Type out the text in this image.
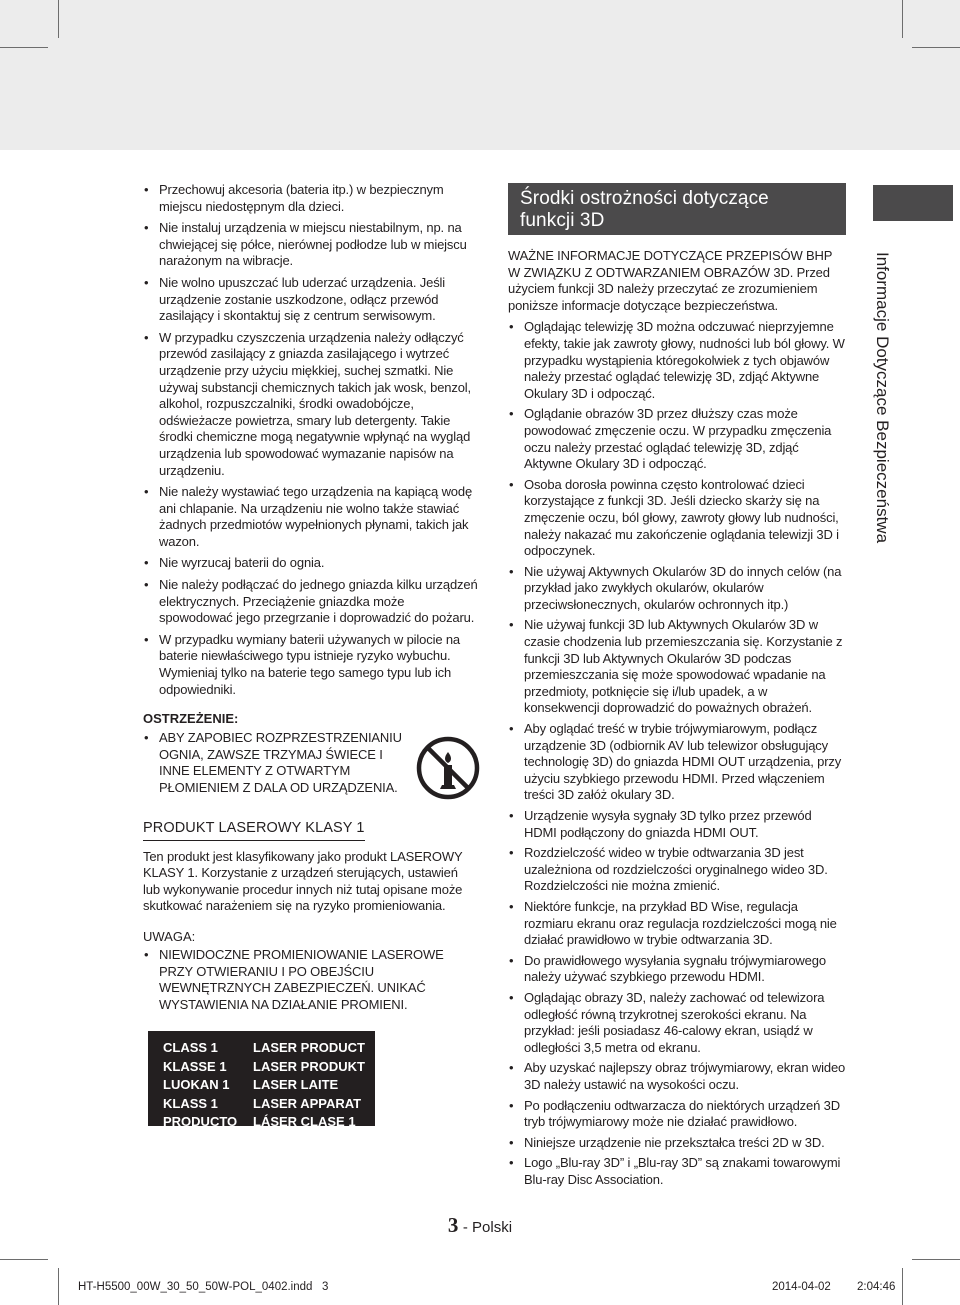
• Przechowuj akcesoria (bateria itp.) w bezpiecznym miejscu niedostępnym dla dzieci.
• Nie instaluj urządzenia w miejscu niestabilnym, np. na chwiejącej się półce, nierównej podłodze lub w miejscu narażonym na wibracje.
• Nie wolno upuszczać lub uderzać urządzenia. Jeśli urządzenie zostanie uszkodzone, odłącz przewód zasilający i skontaktuj się z centrum serwisowym.
• W przypadku czyszczenia urządzenia należy odłączyć przewód zasilający z gniazda zasilającego i wytrzeć urządzenie przy użyciu miękkiej, suchej szmatki. Nie używaj substancji chemicznych takich jak wosk, benzol, alkohol, rozpuszczalniki, środki owadobójcze, odświeżacze powietrza, smary lub detergenty. Takie środki chemiczne mogą negatywnie wpłynąć na wygląd urządzenia lub spowodować wymazanie napisów na urządzeniu.
• Nie należy wystawiać tego urządzenia na kapiącą wodę ani chlapanie. Na urządzeniu nie wolno także stawiać żadnych przedmiotów wypełnionych płynami, takich jak wazon.
• Nie wyrzucaj baterii do ognia.
• Nie należy podłączać do jednego gniazda kilku urządzeń elektrycznych. Przeciążenie gniazdka może spowodować jego przegrzanie i doprowadzić do pożaru.
• W przypadku wymiany baterii używanych w pilocie na baterie niewłaściwego typu istnieje ryzyko wybuchu. Wymieniaj tylko na baterie tego samego typu lub ich odpowiedniki.
OSTRZEŻENIE:
• ABY ZAPOBIEC ROZPRZESTRZENIANIU OGNIA, ZAWSZE TRZYMAJ ŚWIECE I INNE ELEMENTY Z OTWARTYM PŁOMIENIEM Z DALA OD URZĄDZENIA.
PRODUKT LASEROWY KLASY 1
Ten produkt jest klasyfikowany jako produkt LASEROWY KLASY 1. Korzystanie z urządzeń sterujących, ustawień lub wykonywanie procedur innych niż tutaj opisane może skutkować narażeniem się na ryzyko promieniowania.
UWAGA:
• NIEWIDOCZNE PROMIENIOWANIE LASEROWE PRZY OTWIERANIU I PO OBEJŚCIU WEWNĘTRZNYCH ZABEZPIECZEŃ. UNIKAĆ WYSTAWIENIA NA DZIAŁANIE PROMIENI.
CLASS 1	LASER PRODUCT
KLASSE 1	LASER PRODUKT
LUOKAN 1	LASER LAITE
KLASS 1	LASER APPARAT
PRODUCTO	LÁSER CLASE 1
Środki ostrożności dotyczące
funkcji 3D
WAŻNE INFORMACJE DOTYCZĄCE PRZEPISÓW BHP W ZWIĄZKU Z ODTWARZANIEM OBRAZÓW 3D. Przed użyciem funkcji 3D należy przeczytać ze zrozumieniem poniższe informacje dotyczące bezpieczeństwa.
• Oglądając telewizję 3D można odczuwać nieprzyjemne efekty, takie jak zawroty głowy, nudności lub ból głowy. W przypadku wystąpienia któregokolwiek z tych objawów należy przestać oglądać telewizję 3D, zdjąć Aktywne Okulary 3D i odpocząć.
• Oglądanie obrazów 3D przez dłuższy czas może powodować zmęczenie oczu. W przypadku zmęczenia oczu należy przestać oglądać telewizję 3D, zdjąć Aktywne Okulary 3D i odpocząć.
• Osoba dorosła powinna często kontrolować dzieci korzystające z funkcji 3D. Jeśli dziecko skarży się na zmęczenie oczu, ból głowy, zawroty głowy lub nudności, należy nakazać mu zakończenie oglądania telewizji 3D i odpoczynek.
• Nie używaj Aktywnych Okularów 3D do innych celów (na przykład jako zwykłych okularów, okularów przeciwsłonecznych, okularów ochronnych itp.)
• Nie używaj funkcji 3D lub Aktywnych Okularów 3D w czasie chodzenia lub przemieszczania się. Korzystanie z funkcji 3D lub Aktywnych Okularów 3D podczas przemieszczania się może spowodować wpadanie na przedmioty, potknięcie się i/lub upadek, a w konsekwencji doprowadzić do poważnych obrażeń.
• Aby oglądać treść w trybie trójwymiarowym, podłącz urządzenie 3D (odbiornik AV lub telewizor obsługujący technologię 3D) do gniazda HDMI OUT urządzenia, przy użyciu szybkiego przewodu HDMI. Przed włączeniem treści 3D załóż okulary 3D.
• Urządzenie wysyła sygnały 3D tylko przez przewód HDMI podłączony do gniazda HDMI OUT.
• Rozdzielczość wideo w trybie odtwarzania 3D jest uzależniona od rozdzielczości oryginalnego wideo 3D. Rozdzielczości nie można zmienić.
• Niektóre funkcje, na przykład BD Wise, regulacja rozmiaru ekranu oraz regulacja rozdzielczości mogą nie działać prawidłowo w trybie odtwarzania 3D.
• Do prawidłowego wysyłania sygnału trójwymiarowego należy używać szybkiego przewodu HDMI.
• Oglądając obrazy 3D, należy zachować od telewizora odległość równą trzykrotnej szerokości ekranu. Na przykład: jeśli posiadasz 46-calowy ekran, usiądź w odległości 3,5 metra od ekranu.
• Aby uzyskać najlepszy obraz trójwymiarowy, ekran wideo 3D należy ustawić na wysokości oczu.
• Po podłączeniu odtwarzacza do niektórych urządzeń 3D tryb trójwymiarowy może nie działać prawidłowo.
• Niniejsze urządzenie nie przekształca treści 2D w 3D.
• Logo „Blu-ray 3D” i „Blu-ray 3D” są znakami towarowymi Blu-ray Disc Association.
Informacje Dotyczące Bezpieczeństwa
3 - Polski
HT-H5500_00W_30_50_50W-POL_0402.indd   3	2014-04-02 2:04:46
